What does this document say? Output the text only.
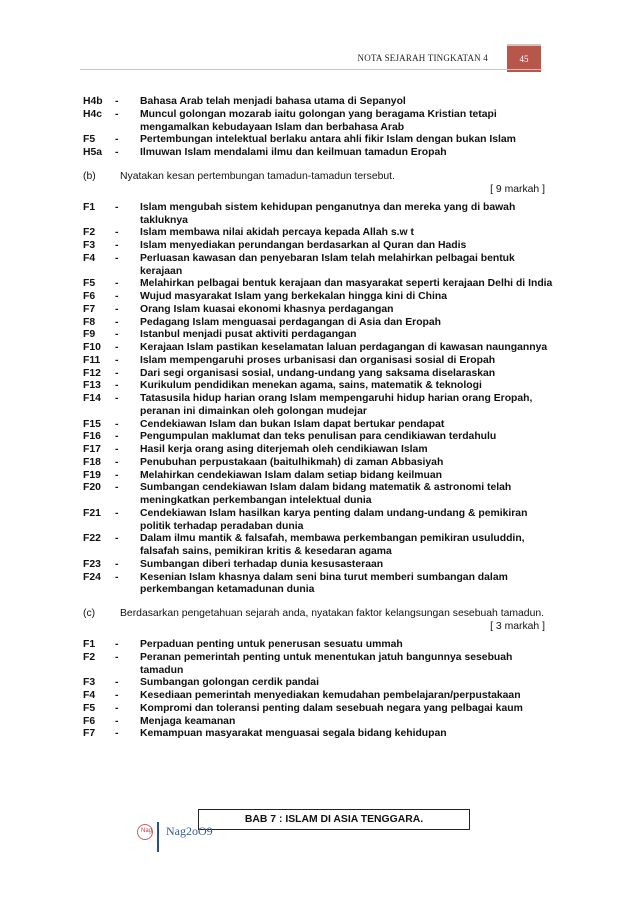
NOTA SEJARAH TINGKATAN 4	45
H4b	-	Bahasa Arab telah menjadi bahasa utama di Sepanyol
H4c	-	Muncul golongan mozarab iaitu golongan yang beragama Kristian tetapi mengamalkan kebudayaan Islam dan berbahasa Arab
F5	-	Pertembungan intelektual berlaku antara ahli fikir Islam dengan bukan Islam
H5a	-	Ilmuwan Islam mendalami ilmu dan keilmuan tamadun Eropah
(b)	Nyatakan kesan pertembungan tamadun-tamadun tersebut.
[ 9 markah ]
F1	-	Islam mengubah sistem kehidupan penganutnya dan mereka yang di bawah takluknya
F2	-	Islam membawa nilai akidah percaya kepada Allah s.w t
F3	-	Islam menyediakan perundangan berdasarkan al Quran dan Hadis
F4	-	Perluasan kawasan dan penyebaran Islam telah melahirkan pelbagai bentuk kerajaan
F5	-	Melahirkan pelbagai bentuk kerajaan dan masyarakat seperti kerajaan Delhi di India
F6	-	Wujud masyarakat Islam yang berkekalan hingga kini di China
F7	-	Orang Islam kuasai ekonomi khasnya perdagangan
F8	-	Pedagang Islam menguasai perdagangan di Asia dan Eropah
F9	-	Istanbul menjadi pusat aktiviti perdagangan
F10	-	Kerajaan Islam pastikan keselamatan laluan perdagangan di kawasan naungannya
F11	-	Islam mempengaruhi proses urbanisasi dan organisasi sosial di Eropah
F12	-	Dari segi organisasi sosial, undang-undang yang saksama diselaraskan
F13	-	Kurikulum pendidikan menekan agama, sains, matematik & teknologi
F14	-	Tatasusila hidup harian orang Islam mempengaruhi hidup harian orang Eropah, peranan ini dimainkan oleh golongan mudejar
F15	-	Cendekiawan Islam dan bukan Islam dapat bertukar pendapat
F16	-	Pengumpulan maklumat dan teks penulisan para cendikiawan terdahulu
F17	-	Hasil kerja orang asing diterjemah oleh cendikiawan Islam
F18	-	Penubuhan perpustakaan (baitulhikmah) di zaman Abbasiyah
F19	-	Melahirkan cendekiawan Islam dalam setiap bidang keilmuan
F20	-	Sumbangan cendekiawan Islam dalam bidang matematik & astronomi telah meningkatkan perkembangan intelektual dunia
F21	-	Cendekiawan Islam hasilkan karya penting dalam undang-undang & pemikiran politik terhadap peradaban dunia
F22	-	Dalam ilmu mantik & falsafah, membawa perkembangan pemikiran usuluddin, falsafah sains, pemikiran kritis & kesedaran agama
F23	-	Sumbangan diberi terhadap dunia kesusasteraan
F24	-	Kesenian Islam khasnya dalam seni bina turut memberi sumbangan dalam perkembangan ketamadunan dunia
(c)	Berdasarkan pengetahuan sejarah anda, nyatakan faktor kelangsungan sesebuah tamadun.
[ 3 markah ]
F1	-	Perpaduan penting untuk penerusan sesuatu ummah
F2	-	Peranan pemerintah penting untuk menentukan jatuh bangunnya sesebuah tamadun
F3	-	Sumbangan golongan cerdik pandai
F4	-	Kesediaan pemerintah menyediakan kemudahan pembelajaran/perpustakaan
F5	-	Kompromi dan toleransi penting dalam sesebuah negara yang pelbagai kaum
F6	-	Menjaga keamanan
F7	-	Kemampuan masyarakat menguasai segala bidang kehidupan
BAB 7 : ISLAM DI ASIA TENGGARA.
Nag Nag2oO9
